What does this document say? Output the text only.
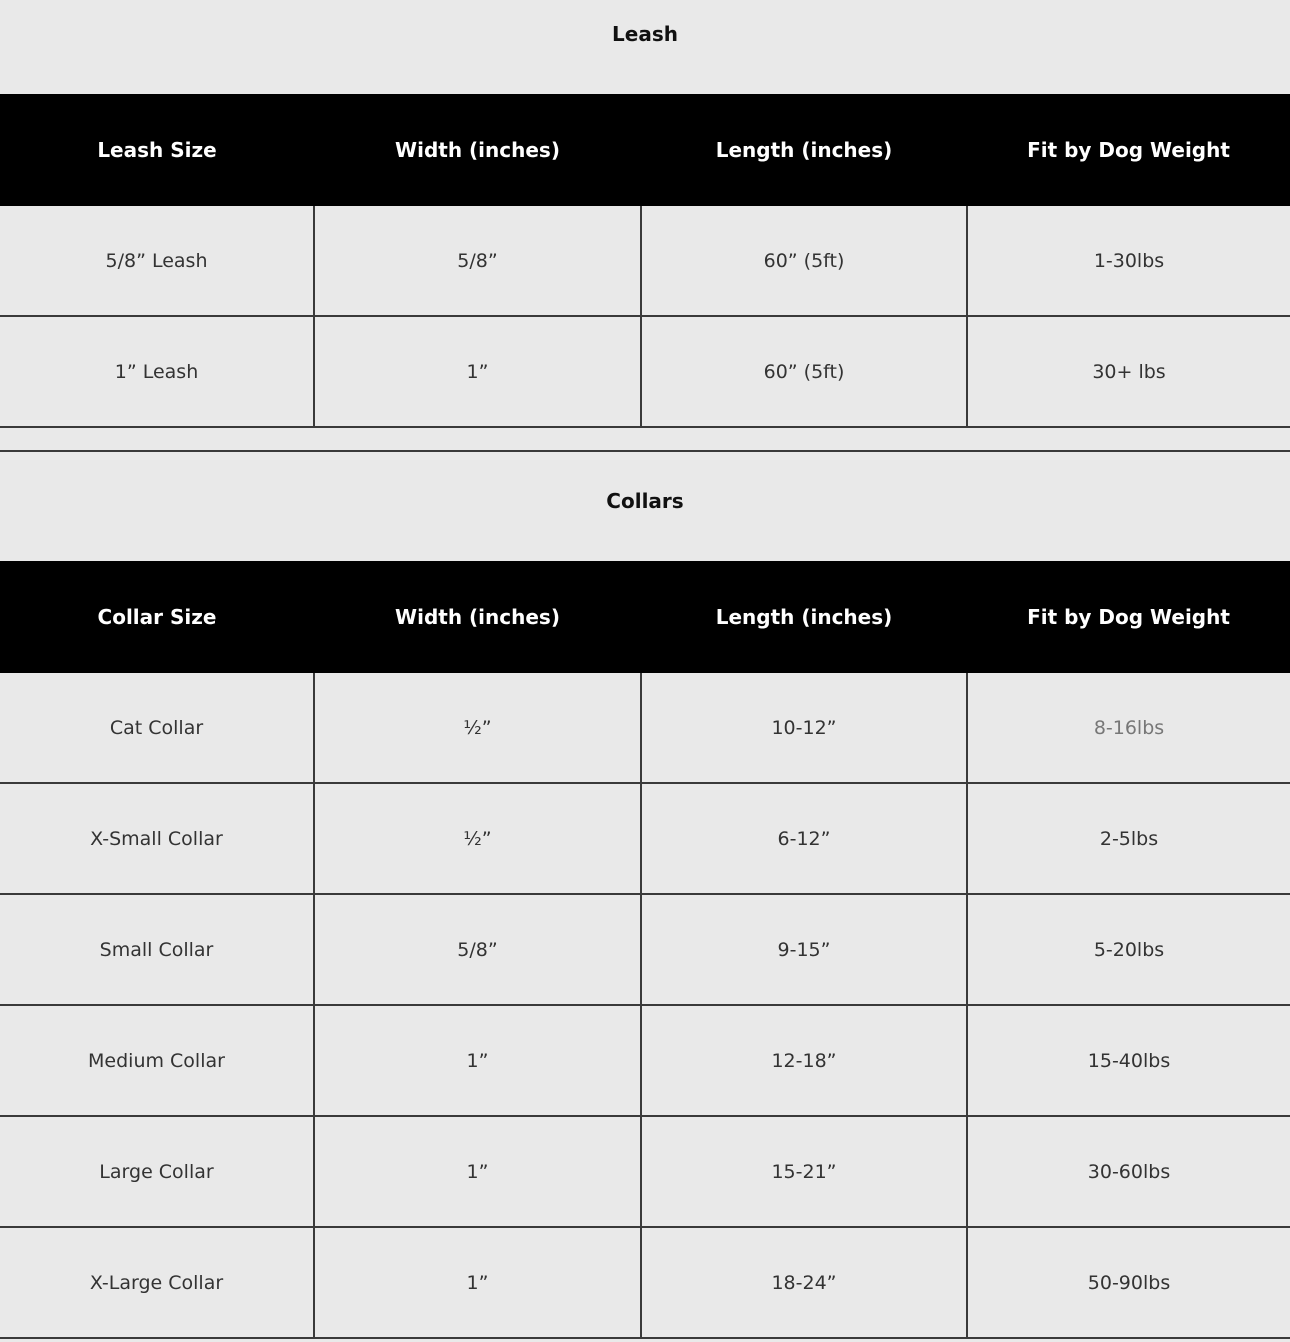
Leash
Leash Size	Width (inches)	Length (inches)	Fit by Dog Weight
5/8” Leash	5/8”	60” (5ft)	1-30lbs
1” Leash	1”	60” (5ft)	30+ lbs
Collars
Collar Size	Width (inches)	Length (inches)	Fit by Dog Weight
Cat Collar	½”	10-12”	8-16lbs
X-Small Collar	½”	6-12”	2-5lbs
Small Collar	5/8”	9-15”	5-20lbs
Medium Collar	1”	12-18”	15-40lbs
Large Collar	1”	15-21”	30-60lbs
X-Large Collar	1”	18-24”	50-90lbs
